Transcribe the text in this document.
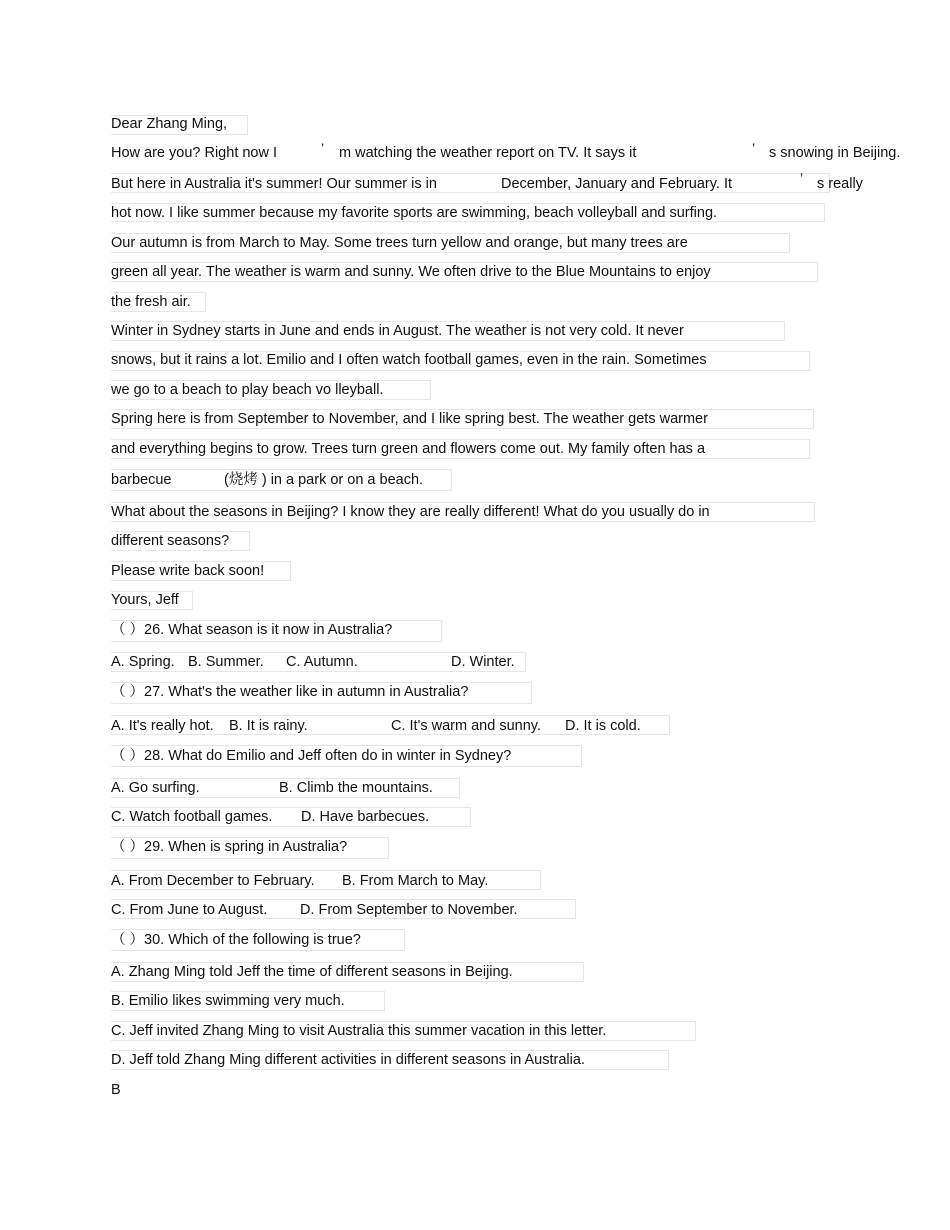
Dear Zhang Ming,
How are you? Right now I	’ m watching the weather report on TV. It says it	’ s snowing in Beijing.
But here in Australia it's summer! Our summer is in	December, January and February. It	’ s really
hot now. I like summer because my favorite sports are swimming, beach volleyball and surfing.
Our autumn is from March to May. Some trees turn yellow and orange, but many trees are
green all year. The weather is warm and sunny. We often drive to the Blue Mountains to enjoy
the fresh air.
Winter in Sydney starts in June and ends in August. The weather is not very cold. It never
snows, but it rains a lot. Emilio and I often watch football games, even in the rain. Sometimes
we go to a beach to play beach vo lleyball.
Spring here is from September to November, and I like spring best. The weather gets warmer
and everything begins to grow. Trees turn green and flowers come out. My family often has a
barbecue	(烧烤 ) in a park or on a beach.
What about the seasons in Beijing? I know they are really different! What do you usually do in
different seasons?
Please write back soon!
Yours, Jeff
（ ）26. What season is it now in Australia?
A. Spring. B. Summer. C. Autumn.	D. Winter.
（ ）27. What's the weather like in autumn in Australia?
A. It's really hot. B. It is rainy.	C. It's warm and sunny. D. It is cold.
（ ）28. What do Emilio and Jeff often do in winter in Sydney?
A. Go surfing.	B. Climb the mountains.
C. Watch football games. D. Have barbecues.
（ ）29. When is spring in Australia?
A. From December to February. B. From March to May.
C. From June to August. D. From September to November.
（ ）30. Which of the following is true?
A. Zhang Ming told Jeff the time of different seasons in Beijing.
B. Emilio likes swimming very much.
C. Jeff invited Zhang Ming to visit Australia this summer vacation in this letter.
D. Jeff told Zhang Ming different activities in different seasons in Australia.
B
